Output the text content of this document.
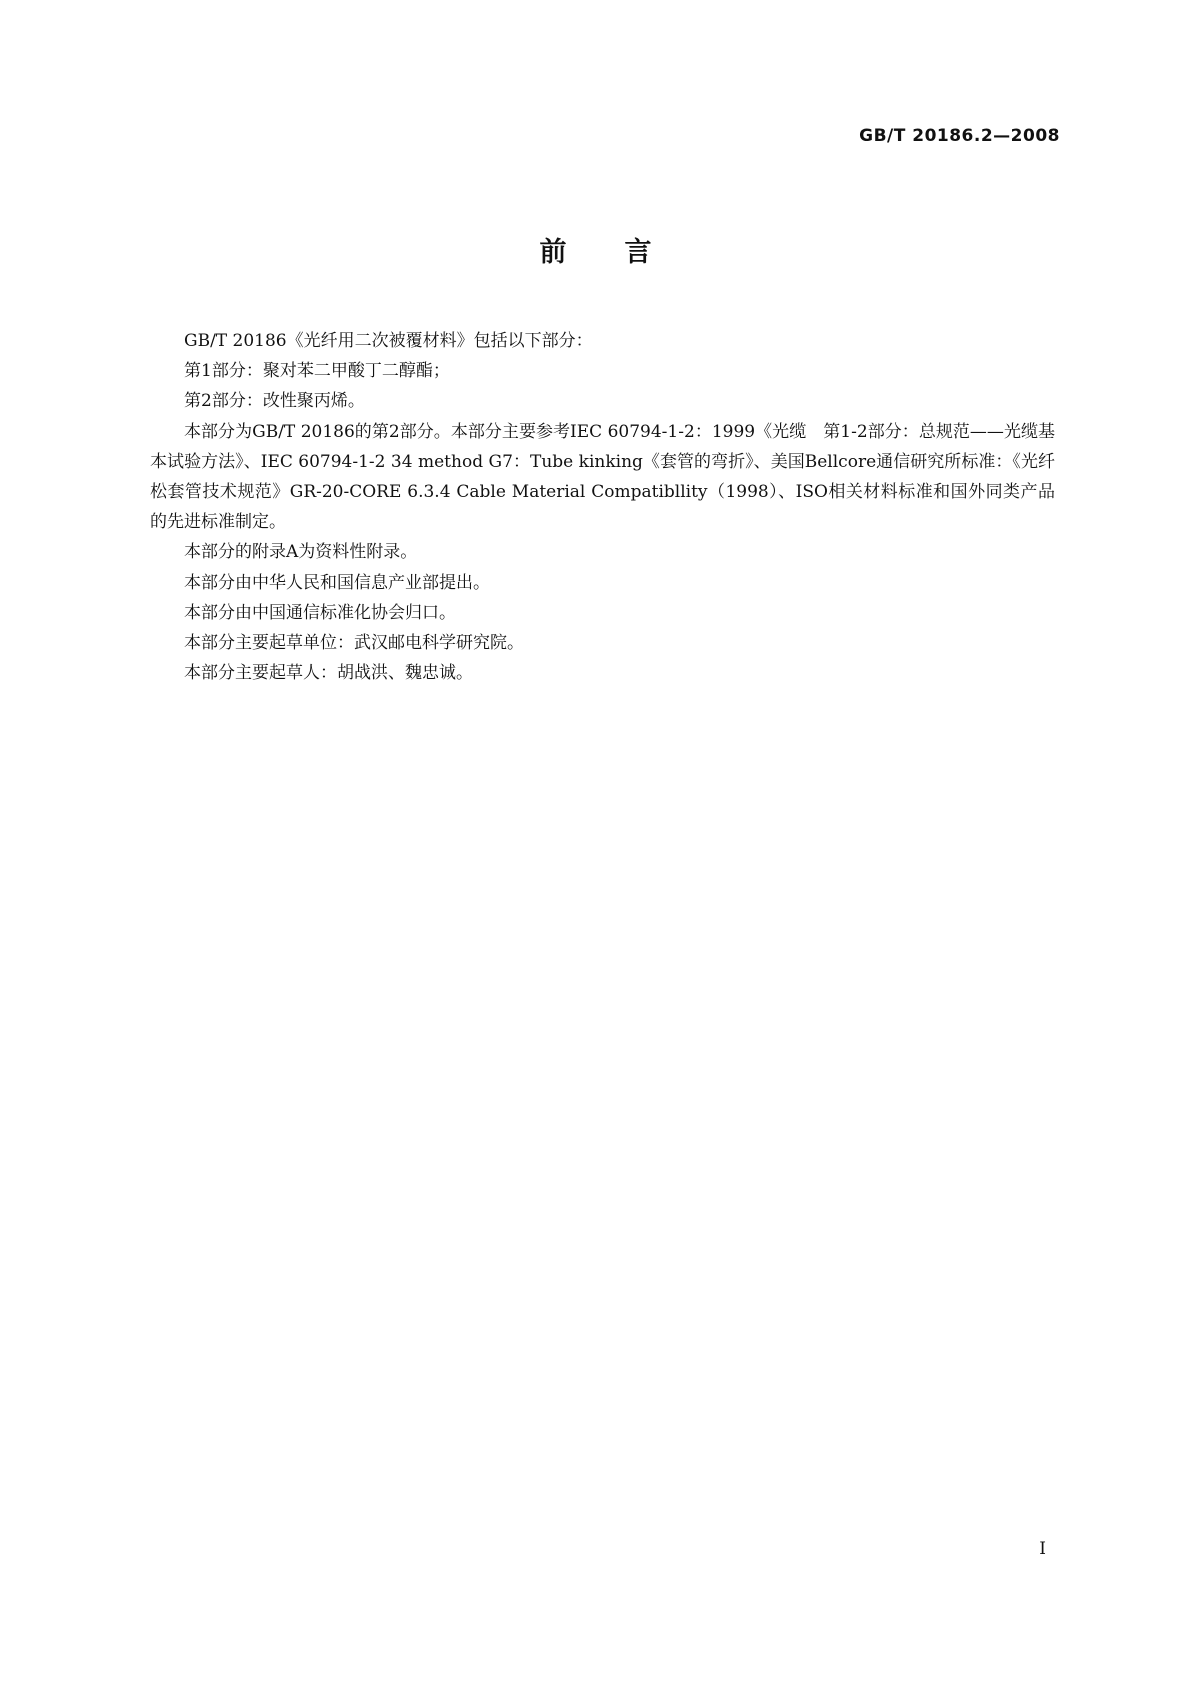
GB/T 20186.2—2008
前言

GB/T 20186《光纤用二次被覆材料》包括以下部分：

第1部分：聚对苯二甲酸丁二醇酯；

第2部分：改性聚丙烯。

本部分为GB/T 20186的第2部分。本部分主要参考IEC 60794-1-2：1999《光缆　第1-2部分：总规范——光缆基本试验方法》、IEC 60794-1-2 34 method G7：Tube kinking《套管的弯折》、美国Bellcore通信研究所标准：《光纤松套管技术规范》GR-20-CORE 6.3.4 Cable Material Compatibllity（1998）、ISO相关材料标准和国外同类产品的先进标准制定。

本部分的附录A为资料性附录。

本部分由中华人民和国信息产业部提出。

本部分由中国通信标准化协会归口。

本部分主要起草单位：武汉邮电科学研究院。

本部分主要起草人：胡战洪、魏忠诚。

I
